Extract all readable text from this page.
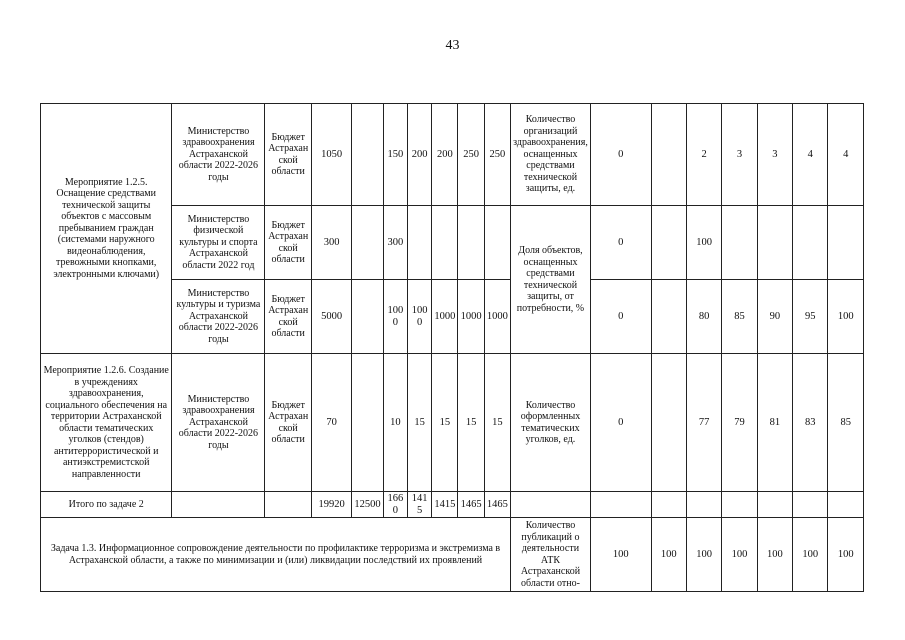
43
Мероприятие 1.2.5. Оснащение средствами технической защиты объектов с массовым пребыванием граждан (системами наружного видеонаблюдения, тревожными кнопками, электронными ключами)	Министерство здравоохранения Астраханской области 2022-2026 годы	Бюджет Астраханской области	1050		150	200	200	250	250	Количество организаций здравоохранения, оснащенных средствами технической защиты, ед.	0		2	3	3	4	4
	Министерство физической культуры и спорта Астраханской области 2022 год	Бюджет Астраханской области	300		300					Доля объектов, оснащенных средствами технической защиты, от потребности, %	0		100				
	Министерство культуры и туризма Астраханской области 2022-2026 годы	Бюджет Астраханской области	5000		1000	1000	1000	1000	1000		0		80	85	90	95	100
Мероприятие 1.2.6. Создание в учреждениях здравоохранения, социального обеспечения на территории Астраханской области тематических уголков (стендов) антитеррористической и антиэкстремистской направленности	Министерство здравоохранения Астраханской области 2022-2026 годы	Бюджет Астраханской области	70		10	15	15	15	15	Количество оформленных тематических уголков, ед.	0		77	79	81	83	85
Итого по задаче 2			19920	12500	1660	1415	1415	1465	1465								
Задача 1.3. Информационное сопровождение деятельности по профилактике терроризма и экстремизма в Астраханской области, а также по минимизации и (или) ликвидации последствий их проявлений										Количество публикаций о деятельности АТК Астраханской области отно-	100	100	100	100	100	100	100
